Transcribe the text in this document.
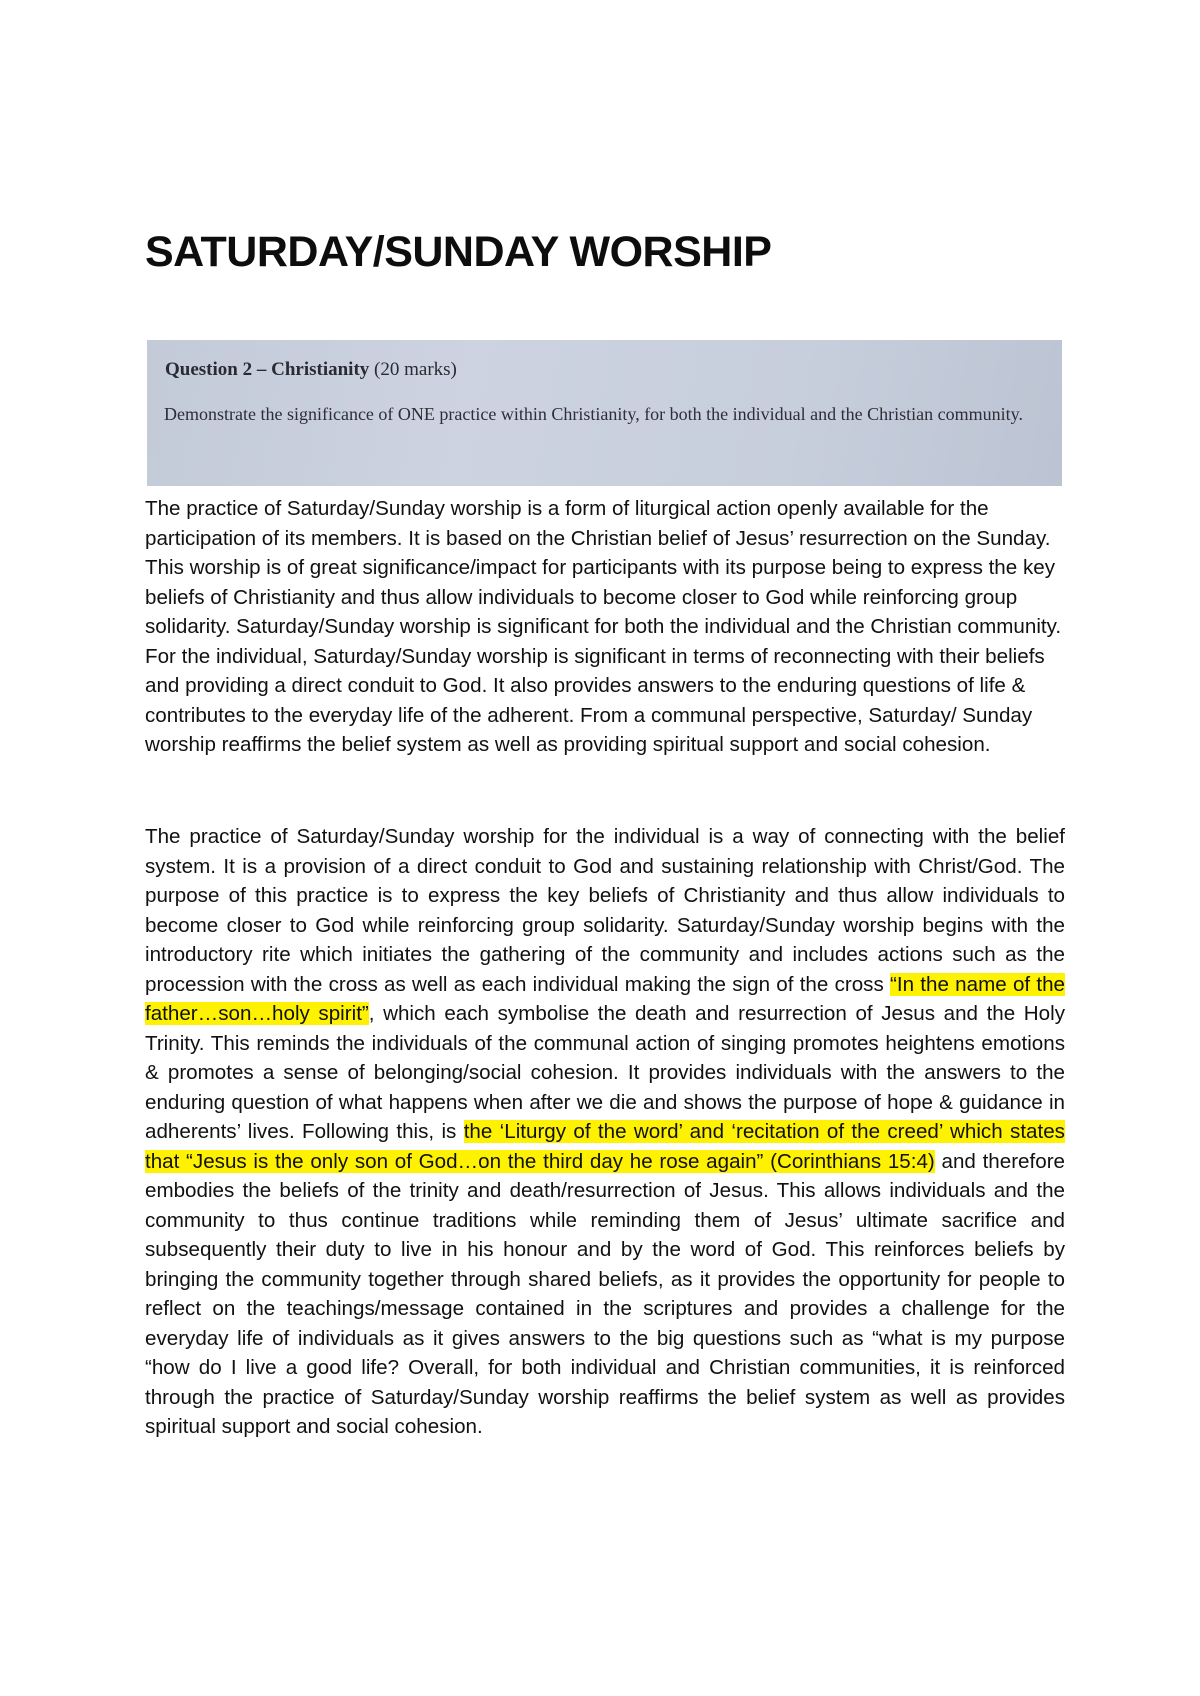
SATURDAY/SUNDAY WORSHIP

Question 2 – Christianity (20 marks)

Demonstrate the significance of ONE practice within Christianity, for both the individual and the Christian community.

The practice of Saturday/Sunday worship is a form of liturgical action openly available for the participation of its members. It is based on the Christian belief of Jesus’ resurrection on the Sunday. This worship is of great significance/impact for participants with its purpose being to express the key beliefs of Christianity and thus allow individuals to become closer to God while reinforcing group solidarity. Saturday/Sunday worship is significant for both the individual and the Christian community. For the individual, Saturday/Sunday worship is significant in terms of reconnecting with their beliefs and providing a direct conduit to God. It also provides answers to the enduring questions of life & contributes to the everyday life of the adherent. From a communal perspective, Saturday/ Sunday worship reaffirms the belief system as well as providing spiritual support and social cohesion.

The practice of Saturday/Sunday worship for the individual is a way of connecting with the belief system. It is a provision of a direct conduit to God and sustaining relationship with Christ/God. The purpose of this practice is to express the key beliefs of Christianity and thus allow individuals to become closer to God while reinforcing group solidarity. Saturday/Sunday worship begins with the introductory rite which initiates the gathering of the community and includes actions such as the procession with the cross as well as each individual making the sign of the cross “In the name of the father…son…holy spirit”, which each symbolise the death and resurrection of Jesus and the Holy Trinity. This reminds the individuals of the communal action of singing promotes heightens emotions & promotes a sense of belonging/social cohesion. It provides individuals with the answers to the enduring question of what happens when after we die and shows the purpose of hope & guidance in adherents’ lives. Following this, is the ‘Liturgy of the word’ and ‘recitation of the creed’ which states that “Jesus is the only son of God…on the third day he rose again” (Corinthians 15:4) and therefore embodies the beliefs of the trinity and death/resurrection of Jesus. This allows individuals and the community to thus continue traditions while reminding them of Jesus’ ultimate sacrifice and subsequently their duty to live in his honour and by the word of God. This reinforces beliefs by bringing the community together through shared beliefs, as it provides the opportunity for people to reflect on the teachings/message contained in the scriptures and provides a challenge for the everyday life of individuals as it gives answers to the big questions such as “what is my purpose “how do I live a good life? Overall, for both individual and Christian communities, it is reinforced through the practice of Saturday/Sunday worship reaffirms the belief system as well as provides spiritual support and social cohesion.
